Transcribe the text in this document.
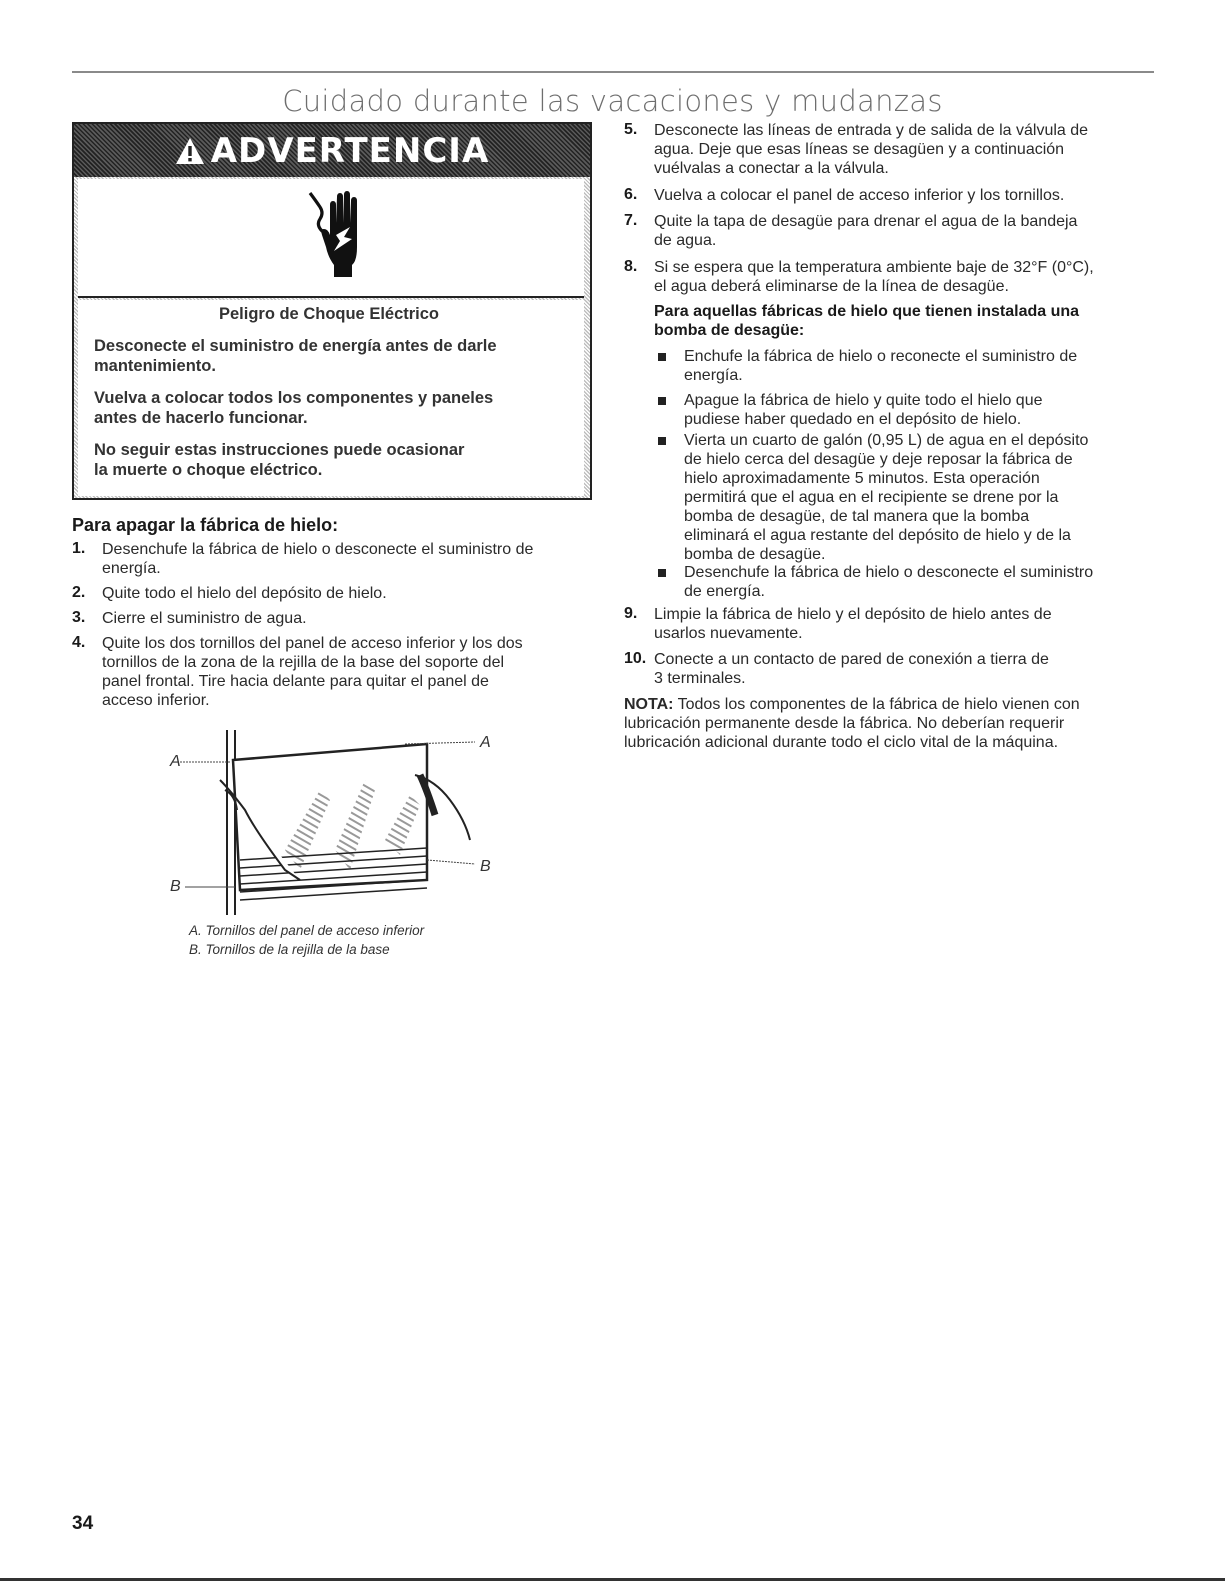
Cuidado durante las vacaciones y mudanzas
ADVERTENCIA
Peligro de Choque Eléctrico
Desconecte el suministro de energía antes de darle
mantenimiento.
Vuelva a colocar todos los componentes y paneles
antes de hacerlo funcionar.
No seguir estas instrucciones puede ocasionar
la muerte o choque eléctrico.
Para apagar la fábrica de hielo:
1. Desenchufe la fábrica de hielo o desconecte el suministro de
energía.
2. Quite todo el hielo del depósito de hielo.
3. Cierre el suministro de agua.
4. Quite los dos tornillos del panel de acceso inferior y los dos
tornillos de la zona de la rejilla de la base del soporte del
panel frontal. Tire hacia delante para quitar el panel de
acceso inferior.
A
A
B
B
A. Tornillos del panel de acceso inferior
B. Tornillos de la rejilla de la base
5. Desconecte las líneas de entrada y de salida de la válvula de
agua. Deje que esas líneas se desagüen y a continuación
vuélvalas a conectar a la válvula.
6. Vuelva a colocar el panel de acceso inferior y los tornillos.
7. Quite la tapa de desagüe para drenar el agua de la bandeja
de agua.
8. Si se espera que la temperatura ambiente baje de 32°F (0°C),
el agua deberá eliminarse de la línea de desagüe.
Para aquellas fábricas de hielo que tienen instalada una
bomba de desagüe:
Enchufe la fábrica de hielo o reconecte el suministro de
energía.
Apague la fábrica de hielo y quite todo el hielo que
pudiese haber quedado en el depósito de hielo.
Vierta un cuarto de galón (0,95 L) de agua en el depósito
de hielo cerca del desagüe y deje reposar la fábrica de
hielo aproximadamente 5 minutos. Esta operación
permitirá que el agua en el recipiente se drene por la
bomba de desagüe, de tal manera que la bomba
eliminará el agua restante del depósito de hielo y de la
bomba de desagüe.
Desenchufe la fábrica de hielo o desconecte el suministro
de energía.
9. Limpie la fábrica de hielo y el depósito de hielo antes de
usarlos nuevamente.
10. Conecte a un contacto de pared de conexión a tierra de
3 terminales.
NOTA: Todos los componentes de la fábrica de hielo vienen con
lubricación permanente desde la fábrica. No deberían requerir
lubricación adicional durante todo el ciclo vital de la máquina.
34
